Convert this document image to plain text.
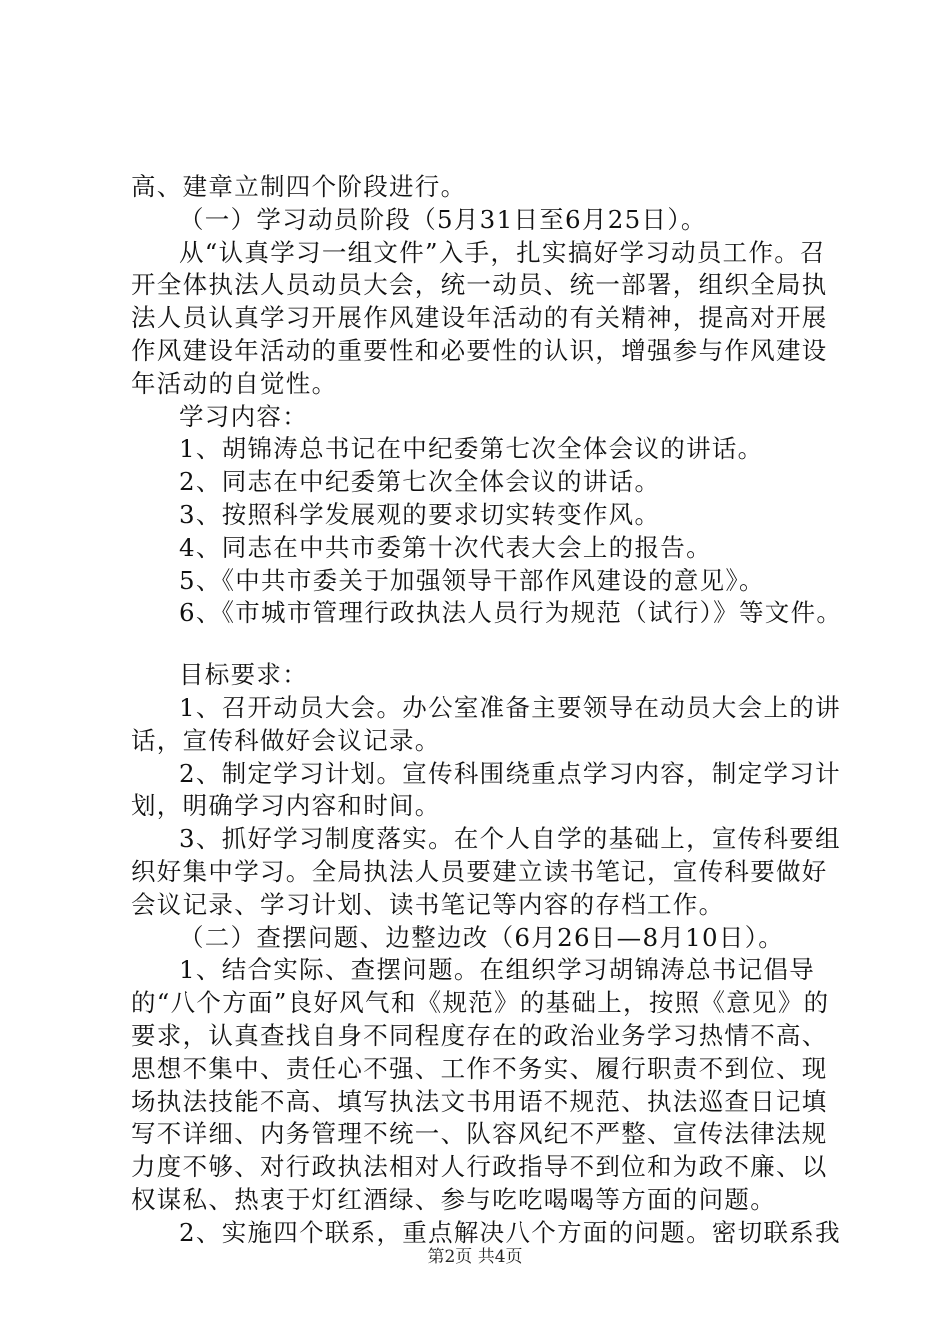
高、建章立制四个阶段进行。

（一）学习动员阶段（5月31日至6月25日）。

从“认真学习一组文件”入手，扎实搞好学习动员工作。召开全体执法人员动员大会，统一动员、统一部署，组织全局执法人员认真学习开展作风建设年活动的有关精神，提高对开展作风建设年活动的重要性和必要性的认识，增强参与作风建设年活动的自觉性。

学习内容：

1、胡锦涛总书记在中纪委第七次全体会议的讲话。

2、同志在中纪委第七次全体会议的讲话。

3、按照科学发展观的要求切实转变作风。

4、同志在中共市委第十次代表大会上的报告。

5、《中共市委关于加强领导干部作风建设的意见》。

6、《市城市管理行政执法人员行为规范（试行）》等文件。

目标要求：

1、召开动员大会。办公室准备主要领导在动员大会上的讲话，宣传科做好会议记录。

2、制定学习计划。宣传科围绕重点学习内容，制定学习计划，明确学习内容和时间。

3、抓好学习制度落实。在个人自学的基础上，宣传科要组织好集中学习。全局执法人员要建立读书笔记，宣传科要做好会议记录、学习计划、读书笔记等内容的存档工作。

（二）查摆问题、边整边改（6月26日—8月10日）。

1、结合实际、查摆问题。在组织学习胡锦涛总书记倡导的“八个方面”良好风气和《规范》的基础上，按照《意见》的要求，认真查找自身不同程度存在的政治业务学习热情不高、思想不集中、责任心不强、工作不务实、履行职责不到位、现场执法技能不高、填写执法文书用语不规范、执法巡查日记填写不详细、内务管理不统一、队容风纪不严整、宣传法律法规力度不够、对行政执法相对人行政指导不到位和为政不廉、以权谋私、热衷于灯红酒绿、参与吃吃喝喝等方面的问题。

2、实施四个联系，重点解决八个方面的问题。密切联系我

第2页 共4页
